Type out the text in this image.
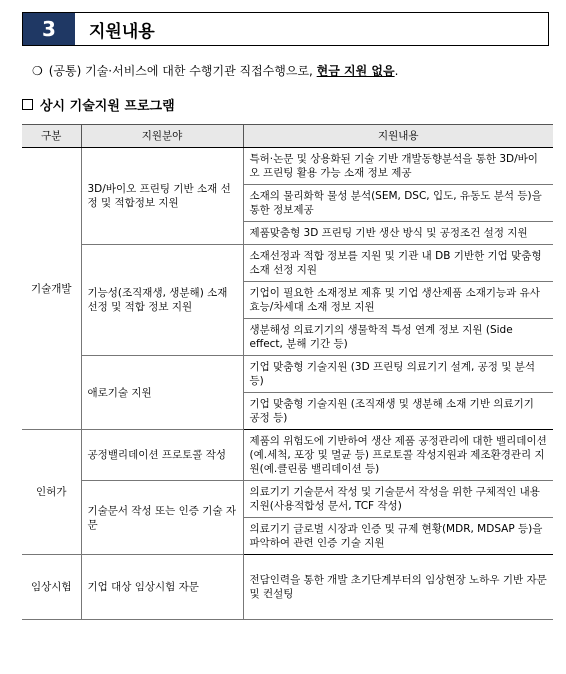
3	지원내용
❍ (공통) 기술·서비스에 대한 수행기관 직접수행으로, 현금 지원 없음.
상시 기술지원 프로그램
구분	지원분야	지원내용
기술개발	3D/바이오 프린팅 기반 소재 선정 및 적합정보 지원	특허·논문 및 상용화된 기술 기반 개발동향분석을 통한 3D/바이오 프린팅 활용 가능 소재 정보 제공
		소재의 물리화학 물성 분석(SEM, DSC, 입도, 유동도 분석 등)을 통한 정보제공
		제품맞춤형 3D 프린팅 기반 생산 방식 및 공정조건 설정 지원
	기능성(조직재생, 생분해) 소재선정 및 적합 정보 지원	소재선정과 적합 정보를 지원 및 기관 내 DB 기반한 기업 맞춤형 소재 선정 지원
		기업이 필요한 소재정보 제휴 및 기업 생산제품 소재기능과 유사효능/차세대 소재 정보 지원
		생분해성 의료기기의 생물학적 특성 연계 정보 지원 (Side effect, 분해 기간 등)
	애로기술 지원	기업 맞춤형 기술지원 (3D 프린팅 의료기기 설계, 공정 및 분석 등)
		기업 맞춤형 기술지원 (조직재생 및 생분해 소재 기반 의료기기 공정 등)
인허가	공정밸리데이션 프로토콜 작성	제품의 위험도에 기반하여 생산 제품 공정관리에 대한 밸리데이션(예.세척, 포장 및 멸균 등) 프로토콜 작성지원과 제조환경관리 지원(예.클린룸 밸리데이션 등)
	기술문서 작성 또는 인증 기술 자문	의료기기 기술문서 작성 및 기술문서 작성을 위한 구체적인 내용 지원(사용적합성 문서, TCF 작성)
		의료기기 글로벌 시장과 인증 및 규제 현황(MDR, MDSAP 등)을 파악하여 관련 인증 기술 지원
임상시험	기업 대상 임상시험 자문	전담인력을 통한 개발 초기단계부터의 임상현장 노하우 기반 자문 및 컨설팅
